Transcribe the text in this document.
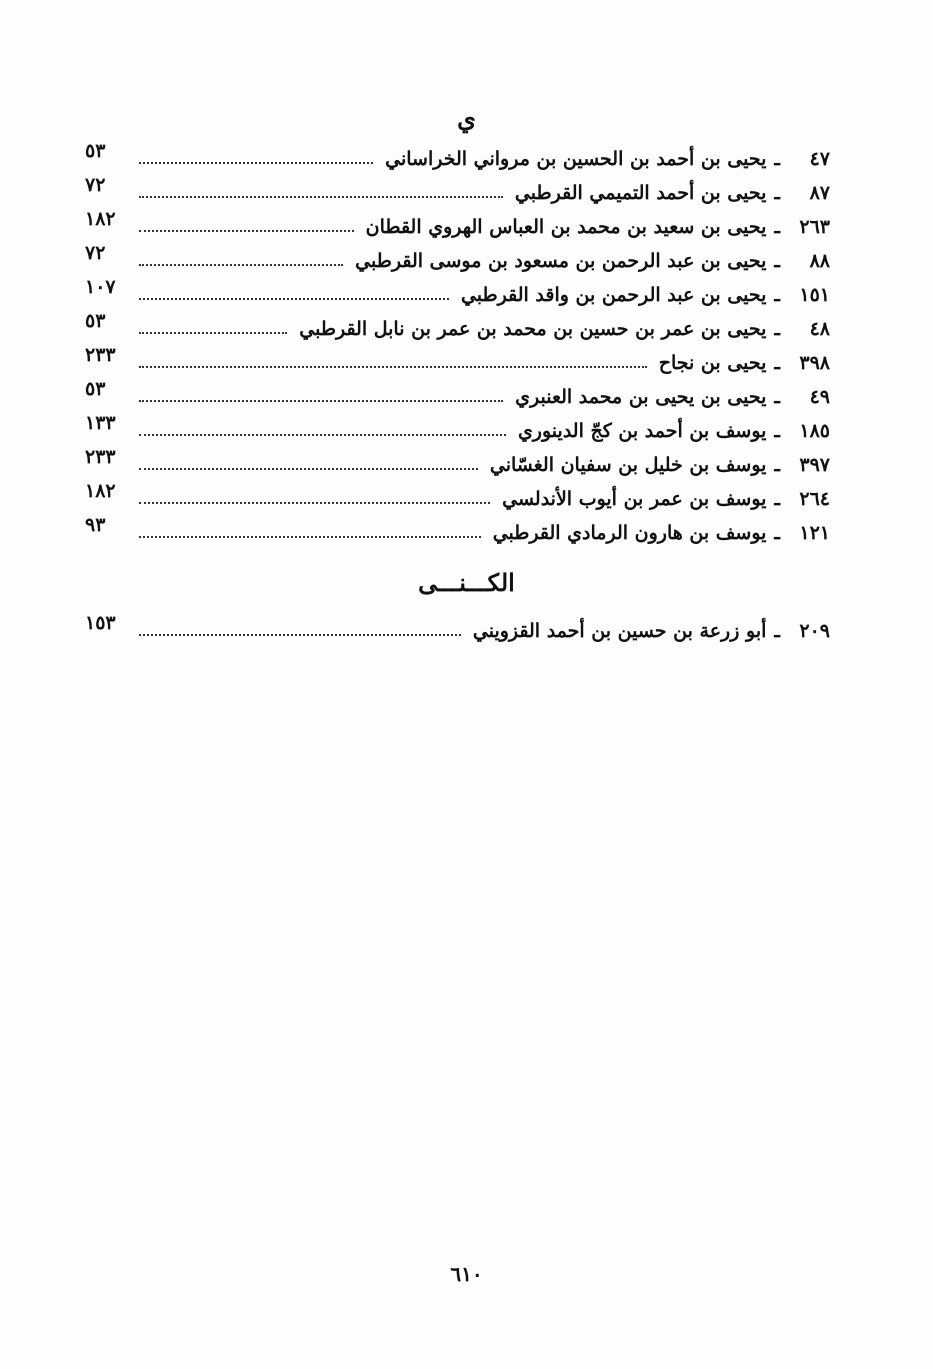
ي
٤٧
ـ
يحيى بن أحمد بن الحسين بن مرواني الخراساني
٥٣
٨٧
ـ
يحيى بن أحمد التميمي القرطبي
٧٢
٢٦٣
ـ
يحيى بن سعيد بن محمد بن العباس الهروي القطان
١٨٢
٨٨
ـ
يحيى بن عبد الرحمن بن مسعود بن موسى القرطبي
٧٢
١٥١
ـ
يحيى بن عبد الرحمن بن واقد القرطبي
١٠٧
٤٨
ـ
يحيى بن عمر بن حسين بن محمد بن عمر بن نابل القرطبي
٥٣
٣٩٨
ـ
يحيى بن نجاح
٢٣٣
٤٩
ـ
يحيى بن يحيى بن محمد العنبري
٥٣
١٨٥
ـ
يوسف بن أحمد بن كجّ الدينوري
١٣٣
٣٩٧
ـ
يوسف بن خليل بن سفيان الغسّاني
٢٣٣
٢٦٤
ـ
يوسف بن عمر بن أيوب الأندلسي
١٨٢
١٢١
ـ
يوسف بن هارون الرمادي القرطبي
٩٣
الكـــنـــى
٢٠٩
ـ
أبو زرعة بن حسين بن أحمد القزويني
١٥٣
٦١٠
